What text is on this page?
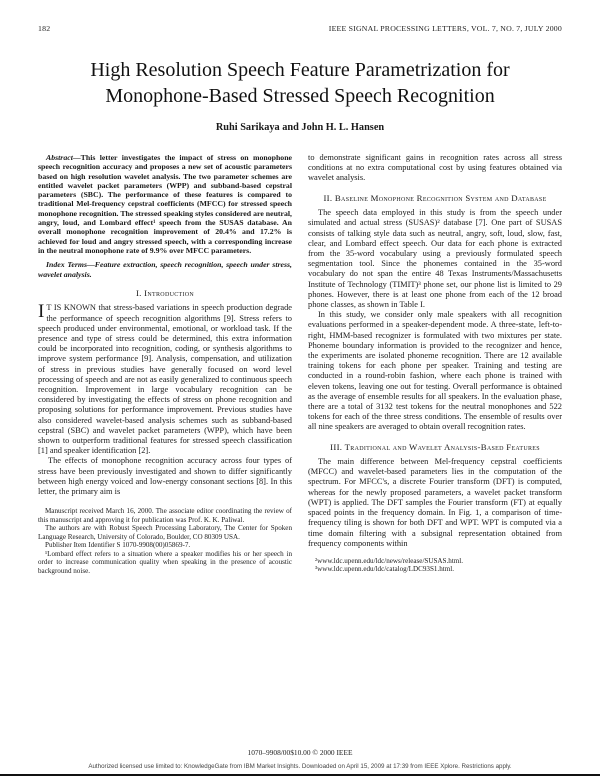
182	IEEE SIGNAL PROCESSING LETTERS, VOL. 7, NO. 7, JULY 2000
High Resolution Speech Feature Parametrization for
Monophone-Based Stressed Speech Recognition
Ruhi Sarikaya and John H. L. Hansen

Abstract—This letter investigates the impact of stress on monophone speech recognition accuracy and proposes a new set of acoustic parameters based on high resolution wavelet analysis. The two parameter schemes are entitled wavelet packet parameters (WPP) and subband-based cepstral parameters (SBC). The performance of these features is compared to traditional Mel-frequency cepstral coefficients (MFCC) for stressed speech monophone recognition. The stressed speaking styles considered are neutral, angry, loud, and Lombard effect¹ speech from the SUSAS database. An overall monophone recognition improvement of 20.4% and 17.2% is achieved for loud and angry stressed speech, with a corresponding increase in the neutral monophone rate of 9.9% over MFCC parameters.

Index Terms—Feature extraction, speech recognition, speech under stress, wavelet analysis.

I. Introduction

I T IS KNOWN that stress-based variations in speech production degrade the performance of speech recognition algorithms [9]. Stress refers to speech produced under environmental, emotional, or workload task. If the presence and type of stress could be determined, this extra information could be incorporated into recognition, coding, or synthesis algorithms to improve system performance [9]. Analysis, compensation, and utilization of stress in previous studies have generally focused on word level processing of speech and are not as easily generalized to continuous speech recognition. Improvement in large vocabulary recognition can be considered by investigating the effects of stress on phone recognition and proposing solutions for performance improvement. Previous studies have also considered wavelet-based analysis schemes such as subband-based cepstral (SBC) and wavelet packet parameters (WPP), which have been shown to outperform traditional features for stressed speech classification [1] and speaker identification [2].

The effects of monophone recognition accuracy across four types of stress have been previously investigated and shown to differ significantly between high energy voiced and low-energy consonant sections [8]. In this letter, the primary aim is

Manuscript received March 16, 2000. The associate editor coordinating the review of this manuscript and approving it for publication was Prof. K. K. Paliwal.

The authors are with Robust Speech Processing Laboratory, The Center for Spoken Language Research, University of Colorado, Boulder, CO 80309 USA.

Publisher Item Identifier S 1070-9908(00)05869-7.

¹Lombard effect refers to a situation where a speaker modifies his or her speech in order to increase communication quality when speaking in the presence of acoustic background noise.

to demonstrate significant gains in recognition rates across all stress conditions at no extra computational cost by using features obtained via wavelet analysis.

II. Baseline Monophone Recognition System and Database

The speech data employed in this study is from the speech under simulated and actual stress (SUSAS)² database [7]. One part of SUSAS consists of talking style data such as neutral, angry, soft, loud, slow, fast, clear, and Lombard effect speech. Our data for each phone is extracted from the 35-word vocabulary using a previously formulated speech segmentation tool. Since the phonemes contained in the 35-word vocabulary do not span the entire 48 Texas Instruments/Massachusetts Institute of Technology (TIMIT)³ phone set, our phone list is limited to 29 phones. However, there is at least one phone from each of the 12 broad phone classes, as shown in Table I.

In this study, we consider only male speakers with all recognition evaluations performed in a speaker-dependent mode. A three-state, left-to-right, HMM-based recognizer is formulated with two mixtures per state. Phoneme boundary information is provided to the recognizer and hence, the experiments are isolated phoneme recognition. There are 12 available training tokens for each phone per speaker. Training and testing are conducted in a round-robin fashion, where each phone is trained with eleven tokens, leaving one out for testing. Overall performance is obtained as the average of ensemble results for all speakers. In the evaluation phase, there are a total of 3132 test tokens for the neutral monophones and 522 tokens for each of the three stress conditions. The ensemble of results over all nine speakers are averaged to obtain overall recognition rates.

III. Traditional and Wavelet Analysis-Based Features

The main difference between Mel-frequency cepstral coefficients (MFCC) and wavelet-based parameters lies in the computation of the spectrum. For MFCC's, a discrete Fourier transform (DFT) is computed, whereas for the newly proposed parameters, a wavelet packet transform (WPT) is applied. The DFT samples the Fourier transform (FT) at equally spaced points in the frequency domain. In Fig. 1, a comparison of time-frequency tiling is shown for both DFT and WPT. WPT is computed via a time domain filtering with a subsignal representation obtained from frequency components within

²www.ldc.upenn.edu/ldc/news/release/SUSAS.html.

³www.ldc.upenn.edu/ldc/catalog/LDC93S1.html.

1070–9908/00$10.00 © 2000 IEEE
Authorized licensed use limited to: KnowledgeGate from IBM Market Insights. Downloaded on April 15, 2009 at 17:39 from IEEE Xplore. Restrictions apply.
